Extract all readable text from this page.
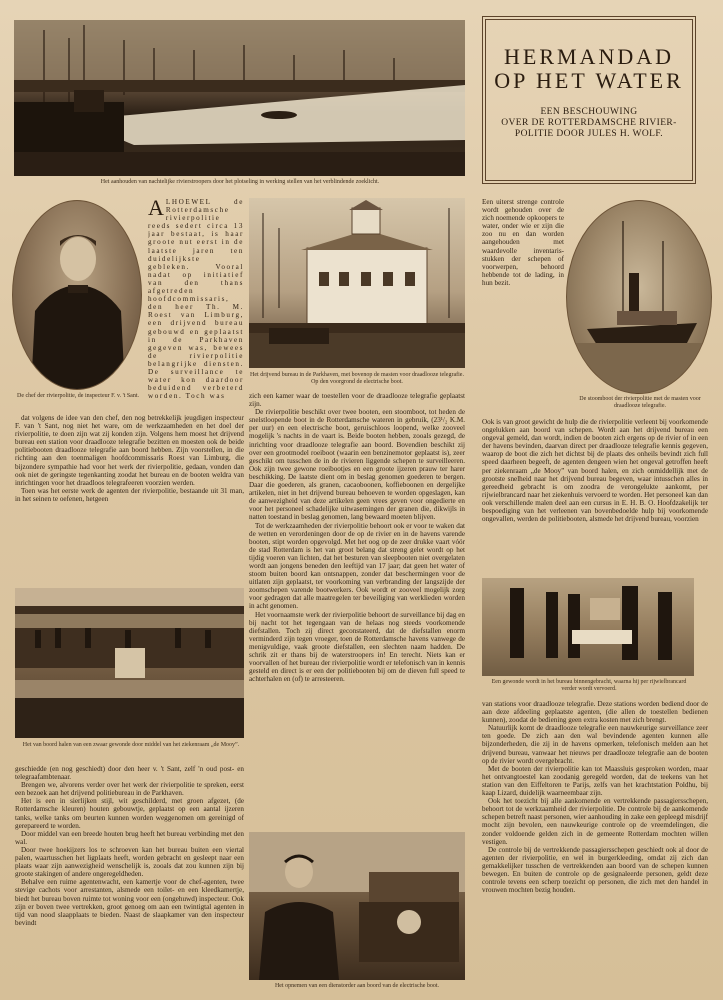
Het aanhouden van nachtelijke rivierstroopers door het plotseling in werking stellen van het verblindende zoeklicht.
HERMANDAD
OP HET WATER
EEN BESCHOUWING
OVER DE ROTTERDAMSCHE RIVIER-
POLITIE DOOR JULES H. WOLF.
De chef der rivierpolitie, de inspecteur F. v. 't Sant.
ALHOEWEL de Rotterdamsche rivierpolitie reeds sedert circa 13 jaar bestaat, is haar groote nut eerst in de laatste jaren ten duidelijkste gebleken. Vooral nadat op initiatief van den thans afgetreden hoofdcommissaris, den heer Th. M. Roest van Limburg, een drijvend bureau gebouwd en geplaatst in de Parkhaven gegeven was, bewees de rivierpolitie belangrijke diensten. De surveillance te water kon daardoor beduidend verbeterd worden. Toch was

dat volgens de idee van den chef, den nog betrekkelijk jeugdigen inspecteur F. van 't Sant, nog niet het ware, om de werkzaamheden en het doel der rivierpolitie, te doen zijn wat zij konden zijn. Volgens hem moest het drijvend bureau een station voor draadlooze telegrafie bezitten en moesten ook de beide politiebooten draadlooze telegrafie aan boord hebben. Zijn voorstellen, in die richting aan den toenmaligen hoofdcommissaris Roest van Limburg, die bijzondere sympathie had voor het werk der rivierpolitie, gedaan, vonden dan ook niet de geringste tegenkanting zoodat het bureau en de booten weldra van inrichtingen voor het draadloos telegrafeeren voorzien werden.

Toen was het eerste werk de agenten der rivierpolitie, bestaande uit 31 man, in het seinen te oefenen, hetgeen

Het van boord halen van een zwaar gewonde door middel van het ziekenraam „de Mooy”.

geschiedde (en nog geschiedt) door den heer v. 't Sant, zelf 'n oud post- en telegraafambtenaar.

Brengen we, alvorens verder over het werk der rivierpolitie te spreken, eerst een bezoek aan het drijvend politiebureau in de Parkhaven.

Het is een in sierlijken stijl, wit geschilderd, met groen afgezet, (de Rotterdamsche kleuren) houten gebouwtje, geplaatst op een aantal ijzeren tanks, welke tanks om beurten kunnen worden weggenomen om gereinigd of gerepareerd te worden.

Door middel van een breede houten brug heeft het bureau verbinding met den wal.

Door twee hoekijzers los te schroeven kan het bureau buiten een viertal palen, waartusschen het ligplaats heeft, worden gebracht en gesleept naar een plaats waar zijn aanwezigheid wenschelijk is, zooals dat zou kunnen zijn bij groote stakingen of andere ongeregeldheden.

Behalve een ruime agentenwacht, een kamertje voor de chef-agenten, twee stevige cachots voor arrestanten, alsmede een toilet- en een kleedkamertje, biedt het bureau boven ruimte tot woning voor een (ongehuwd) inspecteur. Ook zijn er boven twee vertrekken, groot genoeg om aan een twintigtal agenten in tijd van nood slaapplaats te bieden. Naast de slaapkamer van den inspecteur bevindt

Het drijvend bureau in de Parkhaven, met bovenop de masten voor draadlooze telegrafie. Op den voorgrond de electrische boot.

zich een kamer waar de toestellen voor de draadlooze telegrafie geplaatst zijn.

De rivierpolitie beschikt over twee booten, een stoomboot, tot heden de snelstloopende boot in de Rotterdamsche wateren in gebruik, (23¹/₂ K.M. per uur) en een electrische boot, geruischloos loopend, welke zooveel mogelijk 's nachts in de vaart is. Beide booten hebben, zooals gezegd, de inrichting voor draadlooze telegrafie aan boord. Bovendien beschikt zij over een grootmodel roeiboot (waarin een benzinemotor geplaatst is), zeer geschikt om tusschen de in de rivieren liggende schepen te surveilleeren. Ook zijn twee gewone roeibootjes en een groote ijzeren prauw ter harer beschikking. De laatste dient om in beslag genomen goederen te bergen. Daar die goederen, als granen, cacaoboonen, koffieboonen en dergelijke artikelen, niet in het drijvend bureau behoeven te worden opgeslagen, kan de aanwezigheid van deze artikelen geen vrees geven voor ongedierte en voor het personeel schadelijke uitwasemingen der granen die, dikwijls in natten toestand in beslag genomen, lang bewaard moeten blijven.

Tot de werkzaamheden der rivierpolitie behoort ook er voor te waken dat de wetten en verordeningen door de op de rivier en in de havens varende booten, stipt worden opgevolgd. Met het oog op de zeer drukke vaart vóór de stad Rotterdam is het van groot belang dat streng gelet wordt op het tijdig voeren van lichten, dat het besturen van sleepbooten niet overgelaten wordt aan jongens beneden den leeftijd van 17 jaar; dat geen het water of stoom buiten boord kan ontsnappen, zonder dat beschermingen voor de uitlaten zijn geplaatst, ter voorkoming van verbranding der langszijde der zoomschepen varende bootwerkers. Ook wordt er zooveel mogelijk zorg voor gedragen dat alle maatregelen ter beveiliging van werklieden worden in acht genomen.

Het voornaamste werk der rivierpolitie behoort de surveillance bij dag en bij nacht tot het tegengaan van de helaas nog steeds voorkomende diefstallen. Toch zij direct geconstateerd, dat de diefstallen enorm verminderd zijn tegen vroeger, toen de Rotterdamsche havens vanwege de menigvuldige, vaak groote diefstallen, een slechten naam hadden. De schrik zit er thans bij de waterstroopers in! En terecht. Niets kan er voorvallen of het bureau der rivierpolitie wordt er telefonisch van in kennis gesteld en direct is er een der politiebooten bij om de dieven full speed te achterhalen en (of) te arresteeren.

Het opnemen van een dienstorder aan boord van de electrische boot.

Een uiterst strenge controle wordt gehouden over de zich noemende opkoopers te water, onder wie er zijn die zoo nu en dan worden aangehouden met waardevolle inventaris-stukken der schepen of voorwerpen, behoord hebbende tot de lading, in hun bezit.

De stoomboot der rivierpolitie met de masten voor draadlooze telegrafie.

Ook is van groot gewicht de hulp die de rivierpolitie verleent bij voorkomende ongelukken aan boord van schepen. Wordt aan het drijvend bureau een ongeval gemeld, dan wordt, indien de booten zich ergens op de rivier of in een der havens bevinden, daarvan direct per draadlooze telegrafie kennis gegeven, waarop de boot die zich het dichtst bij de plaats des onheils bevindt zich full speed daarheen begeeft, de agenten dengeen wien het ongeval getroffen heeft per ziekenraam „de Mooy” van boord halen, en zich onmiddellijk met de grootste snelheid naar het drijvend bureau begeven, waar intusschen alles in gereedheid gebracht is om zoodra de verongelukte aankomt, per rijwielbrancard naar het ziekenhuis vervoerd te worden. Het personeel kan dan ook verschillende malen deel aan een cursus in E. H. B. O. Hoofdzakelijk ter bespoediging van het verleenen van bovenbedoelde hulp bij voorkomende ongevallen, werden de politiebooten, alsmede het drijvend bureau, voorzien

Een gewonde wordt in het bureau binnengebracht, waarna hij per rijwielbrancard verder wordt vervoerd.

van stations voor draadlooze telegrafie. Deze stations worden bediend door de aan deze afdeeling geplaatste agenten, (die allen de toestellen bedienen kunnen), zoodat de bediening geen extra kosten met zich brengt.

Natuurlijk komt de draadlooze telegrafie een nauwkeurige surveillance zeer ten goede. De zich aan den wal bevindende agenten kunnen alle bijzonderheden, die zij in de havens opmerken, telefonisch melden aan het drijvend bureau, vanwaar het nieuws per draadlooze telegrafie aan de booten op de rivier wordt overgebracht.

Met de booten der rivierpolitie kan tot Maassluis gesproken worden, maar het ontvangtoestel kan zoodanig geregeld worden, dat de teekens van het station van den Eiffeltoren te Parijs, zelfs van het krachtstation Poldhu, bij kaap Lizard, duidelijk waarneembaar zijn.

Ook het toezicht bij alle aankomende en vertrekkende passagiersschepen, behoort tot de werkzaamheid der rivierpolitie. De controle bij de aankomende schepen betreft naast personen, wier aanhouding in zake een gepleegd misdrijf mocht zijn bevolen, een nauwkeurige controle op de vreemdelingen, die zonder voldoende gelden zich in de gemeente Rotterdam mochten willen vestigen.

De controle bij de vertrekkende passagiersschepen geschiedt ook al door de agenten der rivierpolitie, en wel in burgerkleeding, omdat zij zich dan gemakkelijker tusschen de vertrekkenden aan boord van de schepen kunnen bewegen. En buiten de controle op de gesignaleerde personen, geldt deze controle tevens een scherp toezicht op personen, die zich met den handel in vrouwen mochten bezig houden.
